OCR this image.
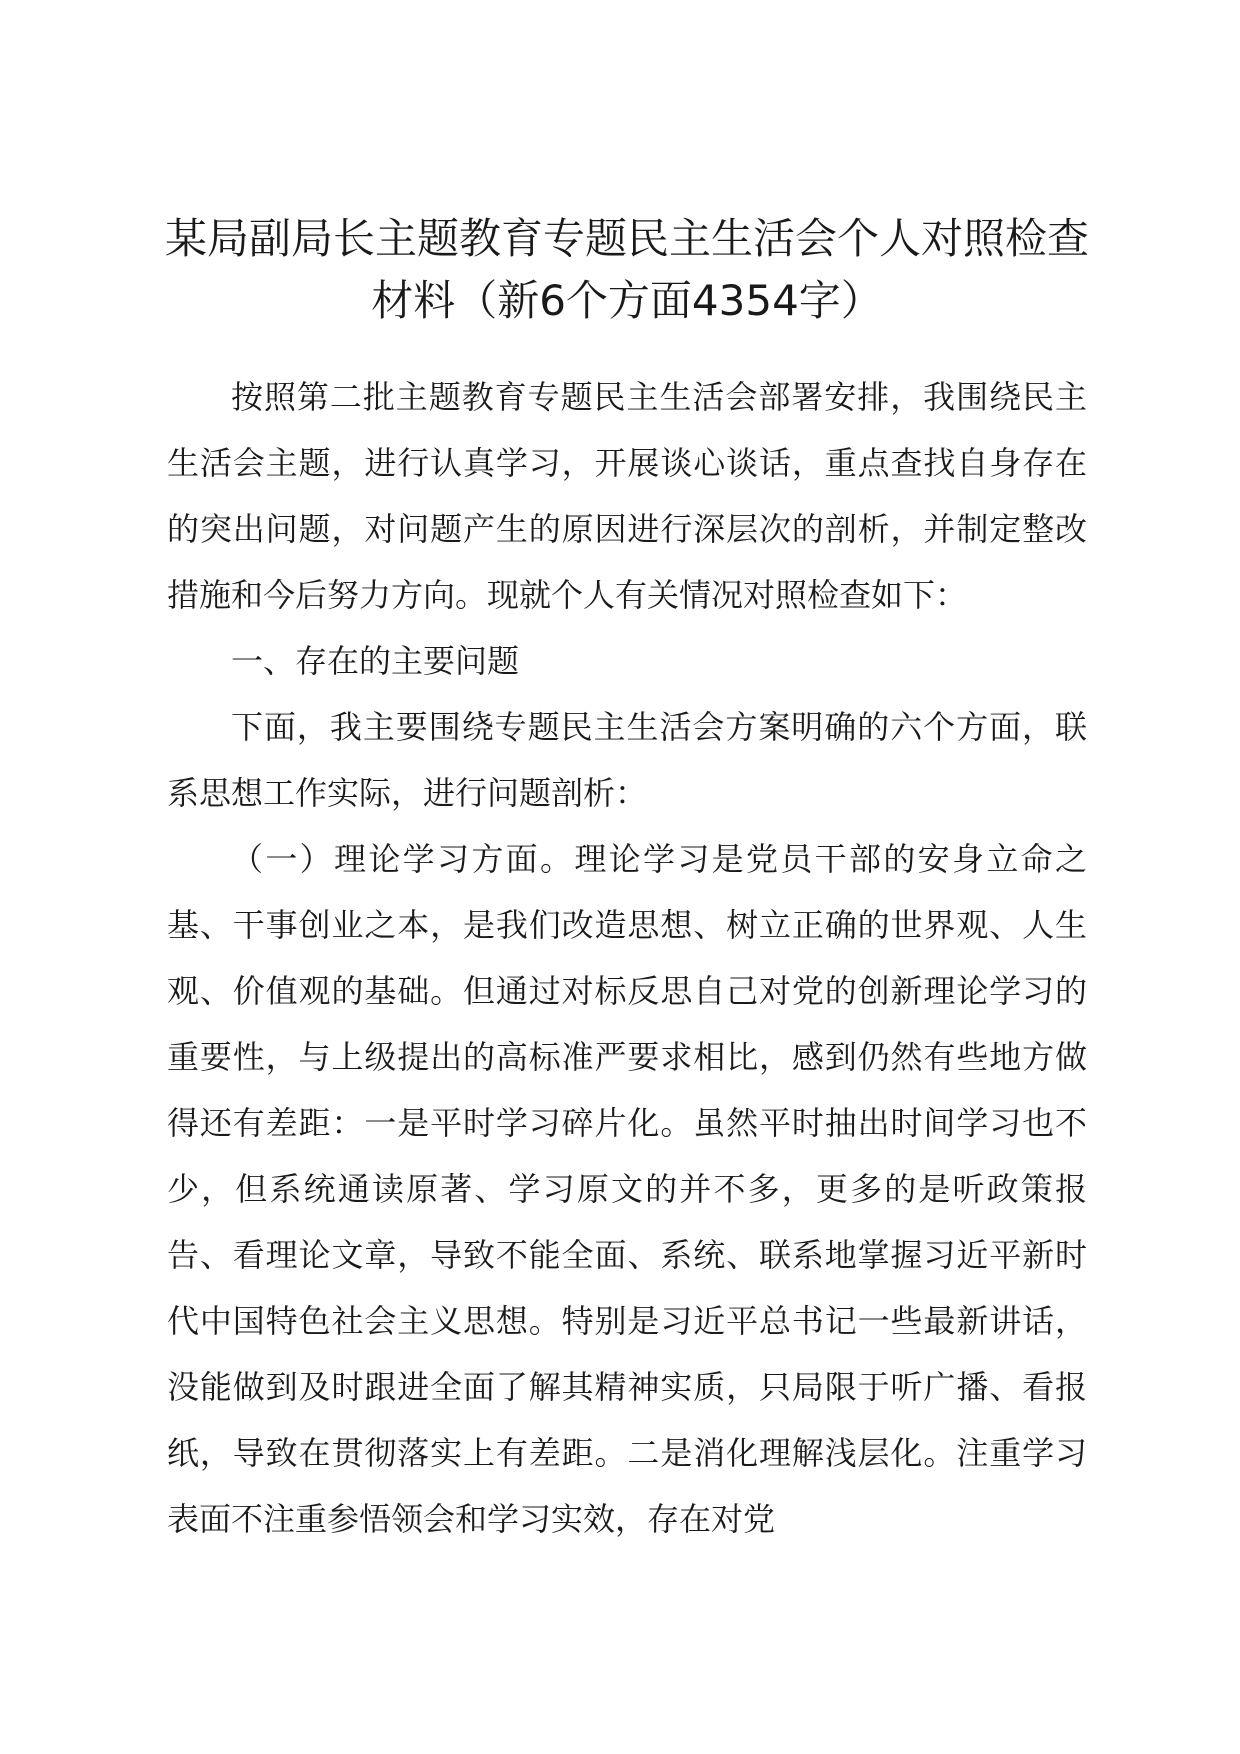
某局副局长主题教育专题民主生活会个人对照检查材料（新6个方面4354字）

按照第二批主题教育专题民主生活会部署安排，我围绕民主生活会主题，进行认真学习，开展谈心谈话，重点查找自身存在的突出问题，对问题产生的原因进行深层次的剖析，并制定整改措施和今后努力方向。现就个人有关情况对照检查如下：

一、存在的主要问题

下面，我主要围绕专题民主生活会方案明确的六个方面，联系思想工作实际，进行问题剖析：

（一）理论学习方面。理论学习是党员干部的安身立命之基、干事创业之本，是我们改造思想、树立正确的世界观、人生观、价值观的基础。但通过对标反思自己对党的创新理论学习的重要性，与上级提出的高标准严要求相比，感到仍然有些地方做得还有差距：一是平时学习碎片化。虽然平时抽出时间学习也不少，但系统通读原著、学习原文的并不多，更多的是听政策报告、看理论文章，导致不能全面、系统、联系地掌握习近平新时代中国特色社会主义思想。特别是习近平总书记一些最新讲话，没能做到及时跟进全面了解其精神实质，只局限于听广播、看报纸，导致在贯彻落实上有差距。二是消化理解浅层化。注重学习表面不注重参悟领会和学习实效，存在对党
